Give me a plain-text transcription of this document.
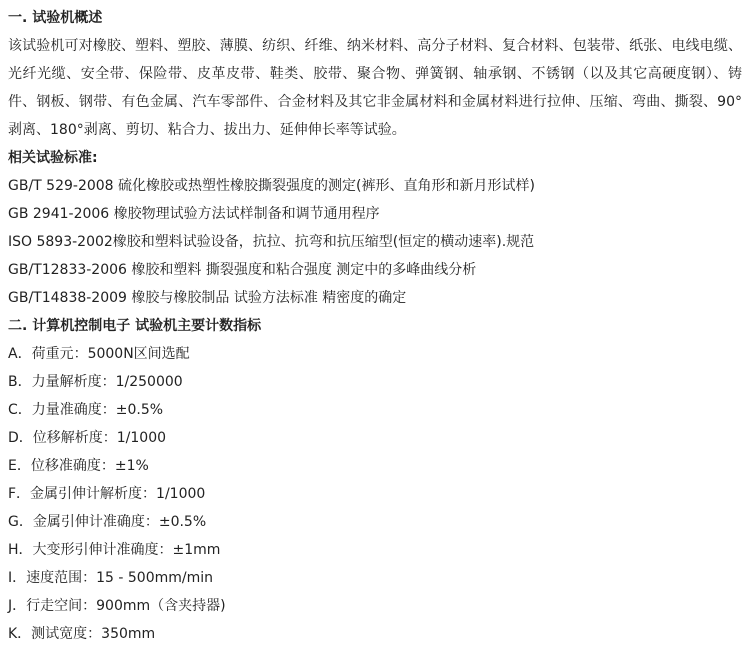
一. 试验机概述
该试验机可对橡胶、塑料、塑胶、薄膜、纺织、纤维、纳米材料、高分子材料、复合材料、包装带、纸张、电线电缆、光纤光缆、安全带、保险带、皮革皮带、鞋类、胶带、聚合物、弹簧钢、轴承钢、不锈钢（以及其它高硬度钢）、铸件、钢板、钢带、有色金属、汽车零部件、合金材料及其它非金属材料和金属材料进行拉伸、压缩、弯曲、撕裂、90°剥离、180°剥离、剪切、粘合力、拔出力、延伸伸长率等试验。
相关试验标准:
GB/T 529-2008 硫化橡胶或热塑性橡胶撕裂强度的测定(裤形、直角形和新月形试样)
GB 2941-2006 橡胶物理试验方法试样制备和调节通用程序
ISO 5893-2002橡胶和塑料试验设备，抗拉、抗弯和抗压缩型(恒定的横动速率).规范
GB/T12833-2006 橡胶和塑料 撕裂强度和粘合强度 测定中的多峰曲线分析
GB/T14838-2009 橡胶与橡胶制品 试验方法标准 精密度的确定
二. 计算机控制电子 试验机主要计数指标
A．荷重元：5000N区间选配
B．力量解析度：1/250000
C．力量准确度：±0.5%
D．位移解析度：1/1000
E．位移准确度：±1%
F．金属引伸计解析度：1/1000
G．金属引伸计准确度：±0.5%
H．大变形引伸计准确度：±1mm
I．速度范围：15 - 500mm/min
J．行走空间：900mm（含夹持器)
K．测试宽度：350mm
